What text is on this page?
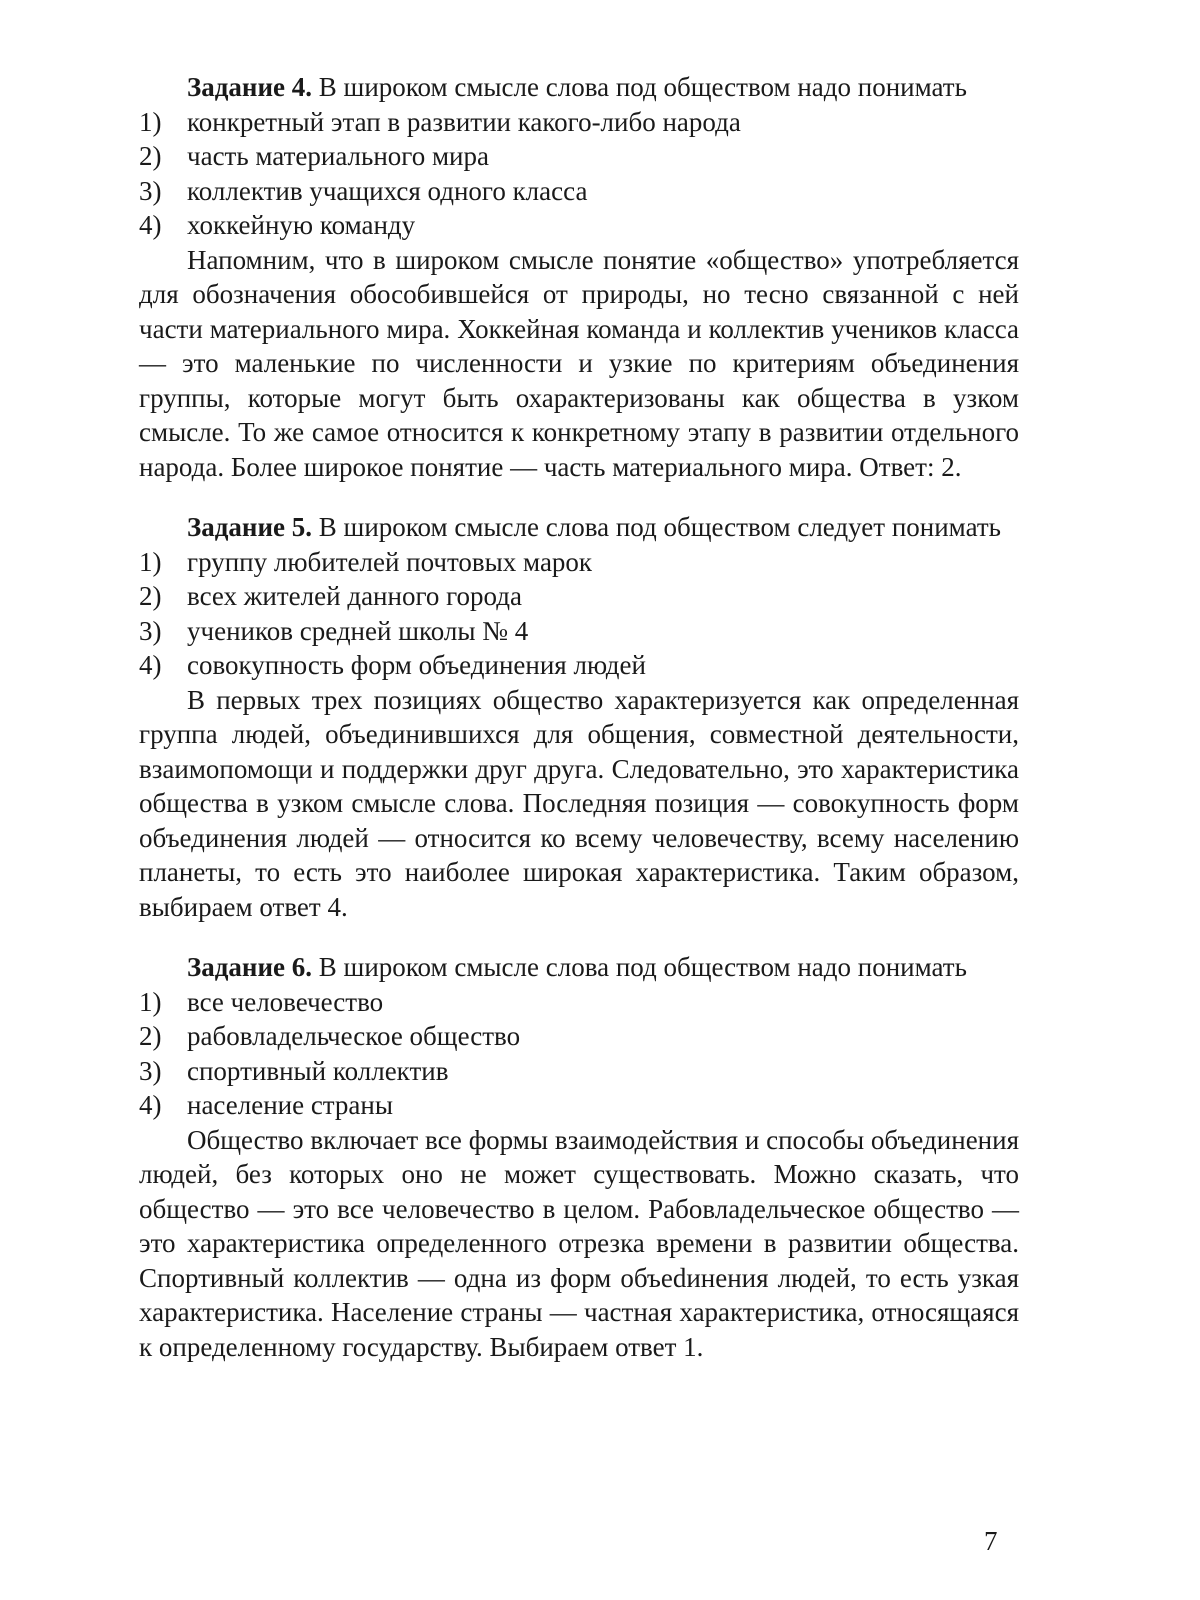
Задание 4. В широком смысле слова под обществом надо понимать

1) конкретный этап в развитии какого-либо народа
2) часть материального мира
3) коллектив учащихся одного класса
4) хоккейную команду

Напомним, что в широком смысле понятие «общество» употребляется для обозначения обособившейся от природы, но тесно связанной с ней части материального мира. Хоккейная команда и коллектив учеников класса — это маленькие по численности и узкие по критериям объединения группы, которые могут быть охарактеризованы как общества в узком смысле. То же самое относится к конкретному этапу в развитии отдельного народа. Более широкое понятие — часть материального мира. Ответ: 2.

Задание 5. В широком смысле слова под обществом следует понимать

1) группу любителей почтовых марок
2) всех жителей данного города
3) учеников средней школы № 4
4) совокупность форм объединения людей

В первых трех позициях общество характеризуется как определенная группа людей, объединившихся для общения, совместной деятельности, взаимопомощи и поддержки друг друга. Следовательно, это характеристика общества в узком смысле слова. Последняя позиция — совокупность форм объединения людей — относится ко всему человечеству, всему населению планеты, то есть это наиболее широкая характеристика. Таким образом, выбираем ответ 4.

Задание 6. В широком смысле слова под обществом надо понимать

1) все человечество
2) рабовладельческое общество
3) спортивный коллектив
4) население страны

Общество включает все формы взаимодействия и способы объединения людей, без которых оно не может существовать. Можно сказать, что общество — это все человечество в целом. Рабовладельческое общество — это характеристика определенного отрезка времени в развитии общества. Спортивный коллектив — одна из форм объеdинения людей, то есть узкая характеристика. Население страны — частная характеристика, относящаяся к определенному государству. Выбираем ответ 1.

7
